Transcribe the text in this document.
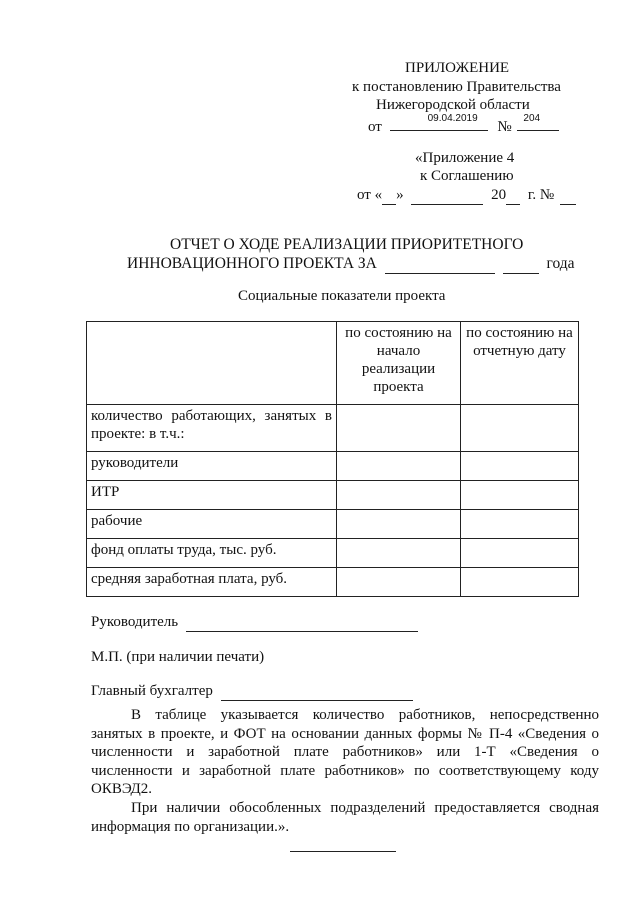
ПРИЛОЖЕНИЕ
к постановлению Правительства
Нижегородской области
от
09.04.2019
№
204
«Приложение 4
к Соглашению
от « »	20 г. №
ОТЧЕТ О ХОДЕ РЕАЛИЗАЦИИ ПРИОРИТЕТНОГО
ИННОВАЦИОННОГО ПРОЕКТА ЗА	года
Социальные показатели проекта
	по состоянию на начало реализации проекта	по состоянию на отчетную дату
количество работающих, занятых в проекте: в т.ч.:		
руководители		
ИТР		
рабочие		
фонд оплаты труда, тыс. руб.		
средняя заработная плата, руб.		
Руководитель
М.П. (при наличии печати)
Главный бухгалтер
В таблице указывается количество работников, непосредственно занятых в проекте, и ФОТ на основании данных формы № П-4 «Сведения о численности и заработной плате работников» или 1-Т «Сведения о численности и заработной плате работников» по соответствующему коду ОКВЭД2.
При наличии обособленных подразделений предоставляется сводная информация по организации.».
